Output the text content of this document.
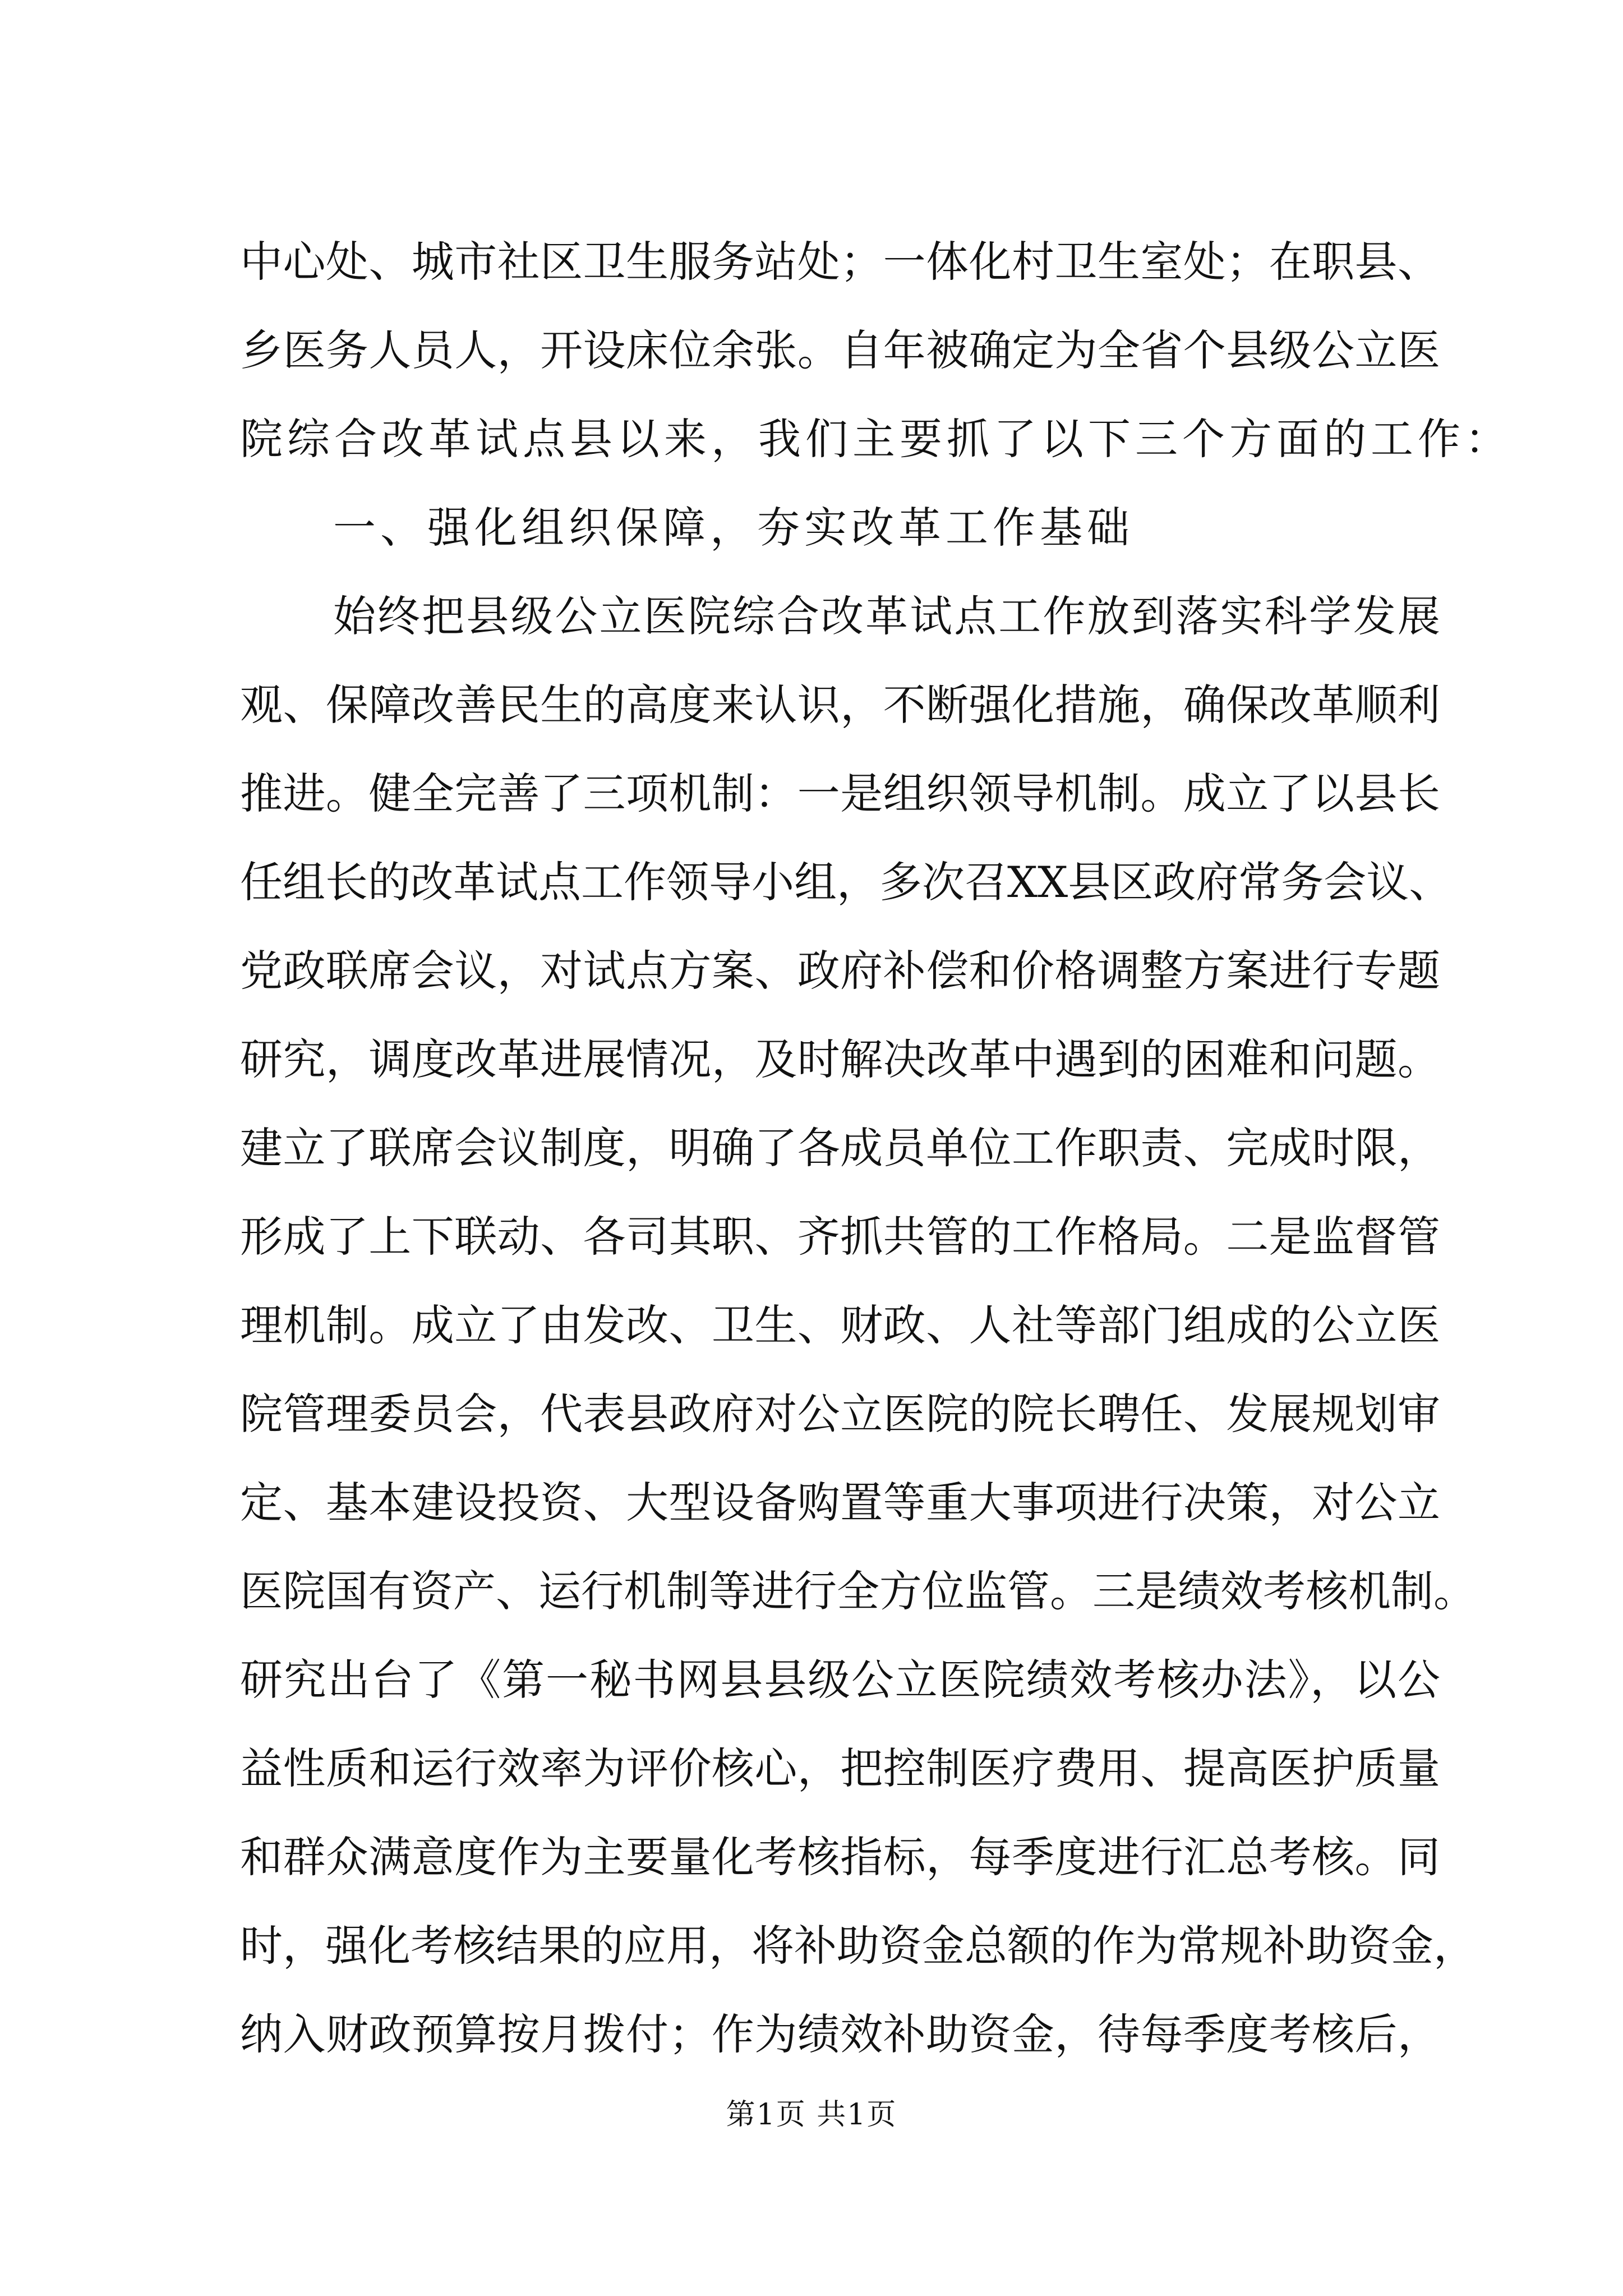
中心处、城市社区卫生服务站处；一体化村卫生室处；在职县、
乡医务人员人，开设床位余张。自年被确定为全省个县级公立医
院综合改革试点县以来，我们主要抓了以下三个方面的工作：
一、强化组织保障，夯实改革工作基础
始终把县级公立医院综合改革试点工作放到落实科学发展
观、保障改善民生的高度来认识，不断强化措施，确保改革顺利
推进。健全完善了三项机制：一是组织领导机制。成立了以县长
任组长的改革试点工作领导小组，多次召XX县区政府常务会议、
党政联席会议，对试点方案、政府补偿和价格调整方案进行专题
研究，调度改革进展情况，及时解决改革中遇到的困难和问题。
建立了联席会议制度，明确了各成员单位工作职责、完成时限，
形成了上下联动、各司其职、齐抓共管的工作格局。二是监督管
理机制。成立了由发改、卫生、财政、人社等部门组成的公立医
院管理委员会，代表县政府对公立医院的院长聘任、发展规划审
定、基本建设投资、大型设备购置等重大事项进行决策，对公立
医院国有资产、运行机制等进行全方位监管。三是绩效考核机制。
研究出台了《第一秘书网县县级公立医院绩效考核办法》，以公
益性质和运行效率为评价核心，把控制医疗费用、提高医护质量
和群众满意度作为主要量化考核指标，每季度进行汇总考核。同
时，强化考核结果的应用，将补助资金总额的作为常规补助资金，
纳入财政预算按月拨付；作为绩效补助资金，待每季度考核后，
第1页 共1页
